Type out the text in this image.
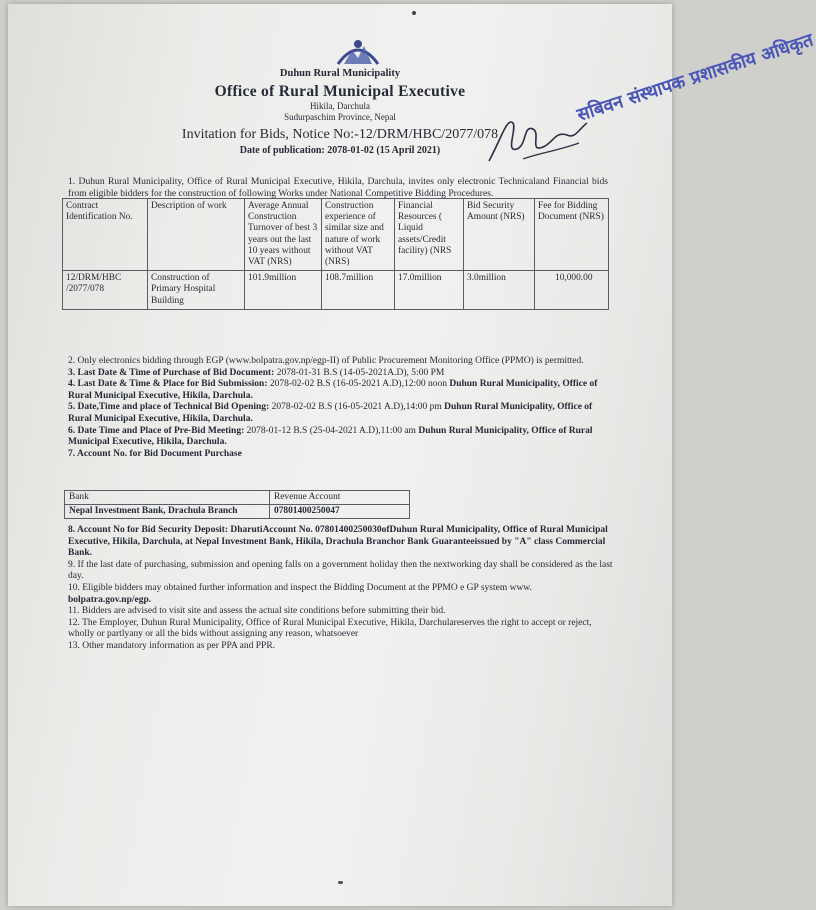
Duhun Rural Municipality
Office of Rural Municipal Executive
Hikila, Darchula
Sudurpaschim Province, Nepal
Invitation for Bids, Notice No:-12/DRM/HBC/2077/078
Date of publication: 2078-01-02 (15 April 2021)
सबिवन संस्थापक प्रशासकीय अधिकृत
1. Duhun Rural Municipality, Office of Rural Municipal Executive, Hikila, Darchula, invites only electronic Technicaland Financial bids from eligible bidders for the construction of following Works under National Competitive Bidding Procedures.
Contract Identification No.	Description of work	Average Annual Construction Turnover of best 3 years out the last 10 years without VAT (NRS)	Construction experience of similar size and nature of work without VAT (NRS)	Financial Resources ( Liquid assets/Credit facility) (NRS	Bid Security Amount (NRS)	Fee for Bidding Document (NRS)
12/DRM/HBC /2077/078	Construction of Primary Hospital Building	101.9million	108.7million	17.0million	3.0million	10,000.00

2. Only electronics bidding through EGP (www.bolpatra.gov.np/egp-II) of Public Procurement Monitoring Office (PPMO) is permitted.

3. Last Date & Time of Purchase of Bid Document: 2078-01-31 B.S (14-05-2021A.D), 5:00 PM

4. Last Date & Time & Place for Bid Submission: 2078-02-02 B.S (16-05-2021 A.D),12:00 noon Duhun Rural Municipality, Office of Rural Municipal Executive, Hikila, Darchula.

5. Date,Time and place of Technical Bid Opening: 2078-02-02 B.S (16-05-2021 A.D),14:00 pm Duhun Rural Municipality, Office of Rural Municipal Executive, Hikila, Darchula.

6. Date Time and Place of Pre-Bid Meeting: 2078-01-12 B.S (25-04-2021 A.D),11:00 am Duhun Rural Municipality, Office of Rural Municipal Executive, Hikila, Darchula.

7. Account No. for Bid Document Purchase

Bank	Revenue Account
Nepal Investment Bank, Drachula Branch	07801400250047

8. Account No for Bid Security Deposit: DharutiAccount No. 07801400250030ofDuhun Rural Municipality, Office of Rural Municipal Executive, Hikila, Darchula, at Nepal Investment Bank, Hikila, Drachula Branchor Bank Guaranteeissued by "A" class Commercial Bank.

9. If the last date of purchasing, submission and opening falls on a government holiday then the nextworking day shall be considered as the last day.

10. Eligible bidders may obtained further information and inspect the Bidding Document at the PPMO e GP system www. bolpatra.gov.np/egp.

11. Bidders are advised to visit site and assess the actual site conditions before submitting their bid.

12. The Employer, Duhun Rural Municipality, Office of Rural Municipal Executive, Hikila, Darchulareserves the right to accept or reject, wholly or partlyany or all the bids without assigning any reason, whatsoever

13. Other mandatory information as per PPA and PPR.
